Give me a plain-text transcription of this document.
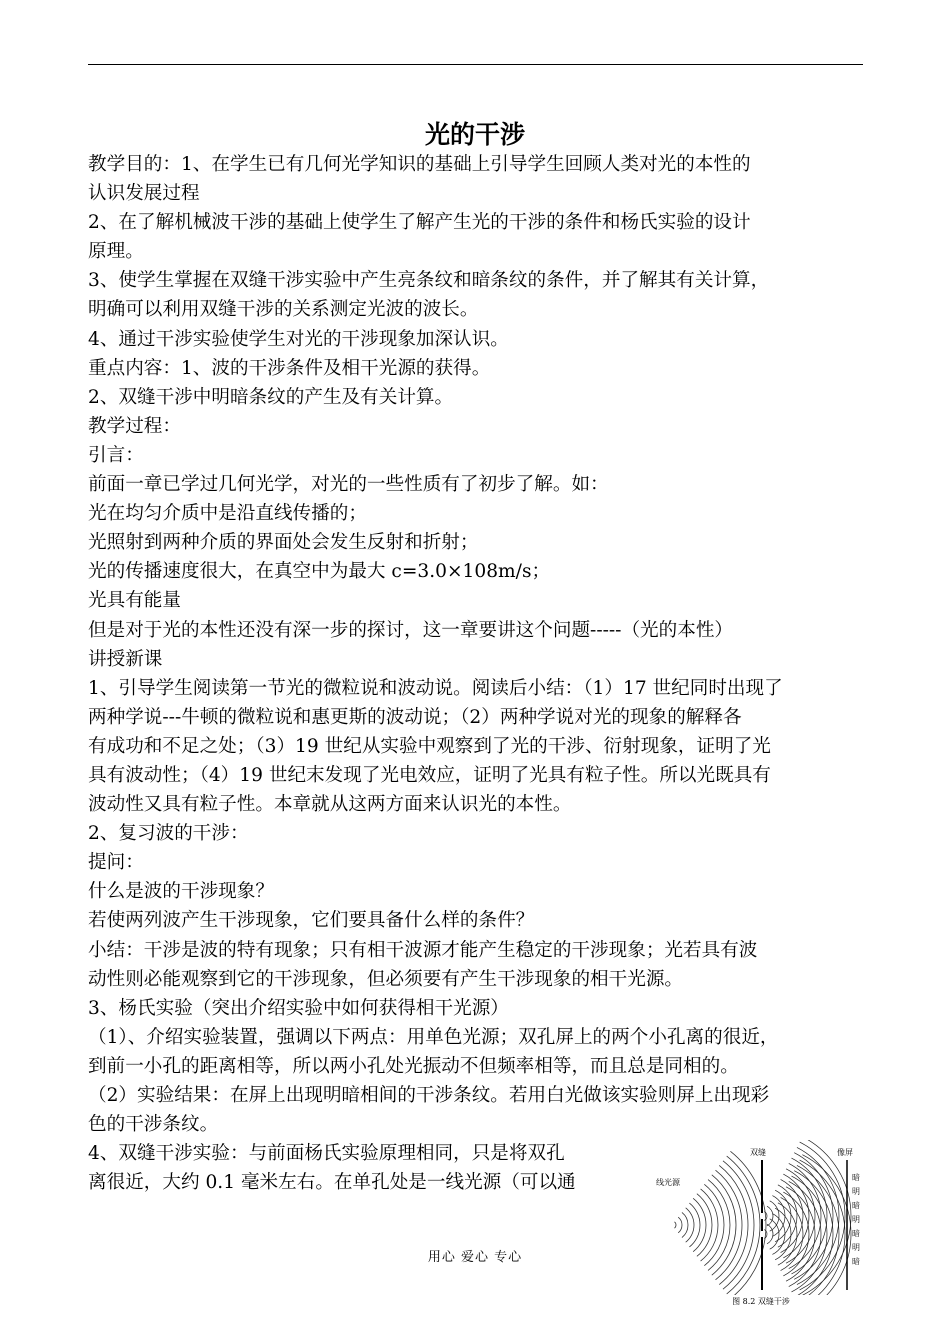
光的干涉

教学目的：1、在学生已有几何光学知识的基础上引导学生回顾人类对光的本性的

认识发展过程

2、在了解机械波干涉的基础上使学生了解产生光的干涉的条件和杨氏实验的设计

原理。

3、使学生掌握在双缝干涉实验中产生亮条纹和暗条纹的条件，并了解其有关计算，

明确可以利用双缝干涉的关系测定光波的波长。

4、通过干涉实验使学生对光的干涉现象加深认识。

重点内容：1、波的干涉条件及相干光源的获得。

2、双缝干涉中明暗条纹的产生及有关计算。

教学过程：

引言：

前面一章已学过几何光学，对光的一些性质有了初步了解。如：

光在均匀介质中是沿直线传播的；

光照射到两种介质的界面处会发生反射和折射；

光的传播速度很大，在真空中为最大 c=3.0×108m/s；

光具有能量

但是对于光的本性还没有深一步的探讨，这一章要讲这个问题-----（光的本性）

讲授新课

1、引导学生阅读第一节光的微粒说和波动说。阅读后小结：（1）17 世纪同时出现了

两种学说---牛顿的微粒说和惠更斯的波动说；（2）两种学说对光的现象的解释各

有成功和不足之处；（3）19 世纪从实验中观察到了光的干涉、衍射现象，证明了光

具有波动性；（4）19 世纪末发现了光电效应，证明了光具有粒子性。所以光既具有

波动性又具有粒子性。本章就从这两方面来认识光的本性。

2、复习波的干涉：

提问：

什么是波的干涉现象？

若使两列波产生干涉现象，它们要具备什么样的条件？

小结：干涉是波的特有现象；只有相干波源才能产生稳定的干涉现象；光若具有波

动性则必能观察到它的干涉现象，但必须要有产生干涉现象的相干光源。

3、杨氏实验（突出介绍实验中如何获得相干光源）

（1）、介绍实验装置，强调以下两点：用单色光源；双孔屏上的两个小孔离的很近，

到前一小孔的距离相等，所以两小孔处光振动不但频率相等，而且总是同相的。

（2）实验结果：在屏上出现明暗相间的干涉条纹。若用白光做该实验则屏上出现彩

色的干涉条纹。

4、双缝干涉实验：与前面杨氏实验原理相同，只是将双孔

离很近，大约 0.1 毫米左右。在单孔处是一线光源（可以通	线光源
双缝	像屏
暗
明
暗
明
暗
明
暗
图 8.2 双缝干涉
用心 爱心 专心
